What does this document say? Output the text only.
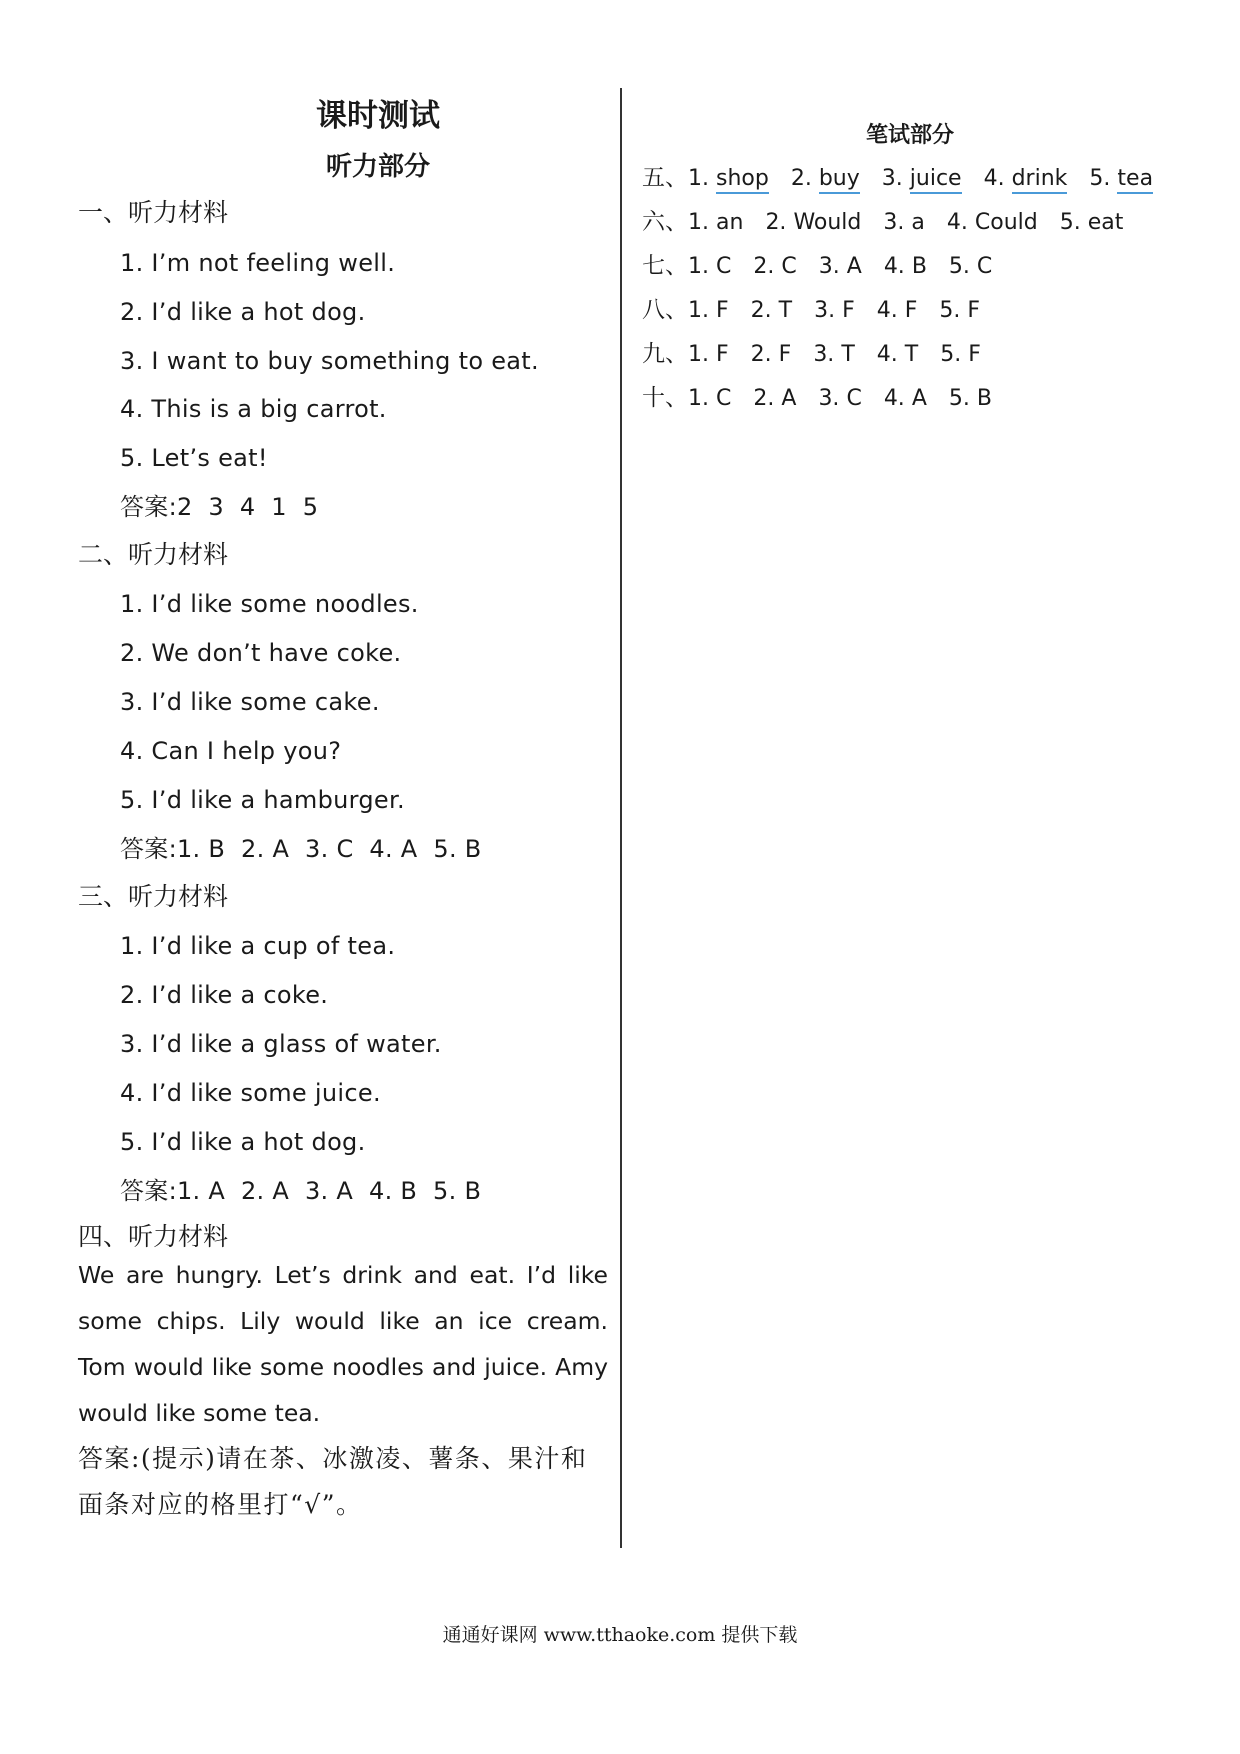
课时测试
听力部分
一、听力材料
1. I’m not feeling well.
2. I’d like a hot dog.
3. I want to buy something to eat.
4. This is a big carrot.
5. Let’s eat!
答案:2  3  4  1  5
二、听力材料
1. I’d like some noodles.
2. We don’t have coke.
3. I’d like some cake.
4. Can I help you?
5. I’d like a hamburger.
答案:1. B  2. A  3. C  4. A  5. B
三、听力材料
1. I’d like a cup of tea.
2. I’d like a coke.
3. I’d like a glass of water.
4. I’d like some juice.
5. I’d like a hot dog.
答案:1. A  2. A  3. A  4. B  5. B
四、听力材料

We are hungry. Let’s drink and eat. I’d like some chips. Lily would like an ice cream. Tom would like some noodles and juice. Amy would like some tea.

答案:(提示)请在茶、冰激凌、薯条、果汁和面条对应的格里打“√”。

笔试部分
五、1. shop 2. buy 3. juice 4. drink 5. tea
六、1. an 2. Would 3. a 4. Could 5. eat
七、1. C 2. C 3. A 4. B 5. C
八、1. F 2. T 3. F 4. F 5. F
九、1. F 2. F 3. T 4. T 5. F
十、1. C 2. A 3. C 4. A 5. B
通通好课网 www.tthaoke.com 提供下载
